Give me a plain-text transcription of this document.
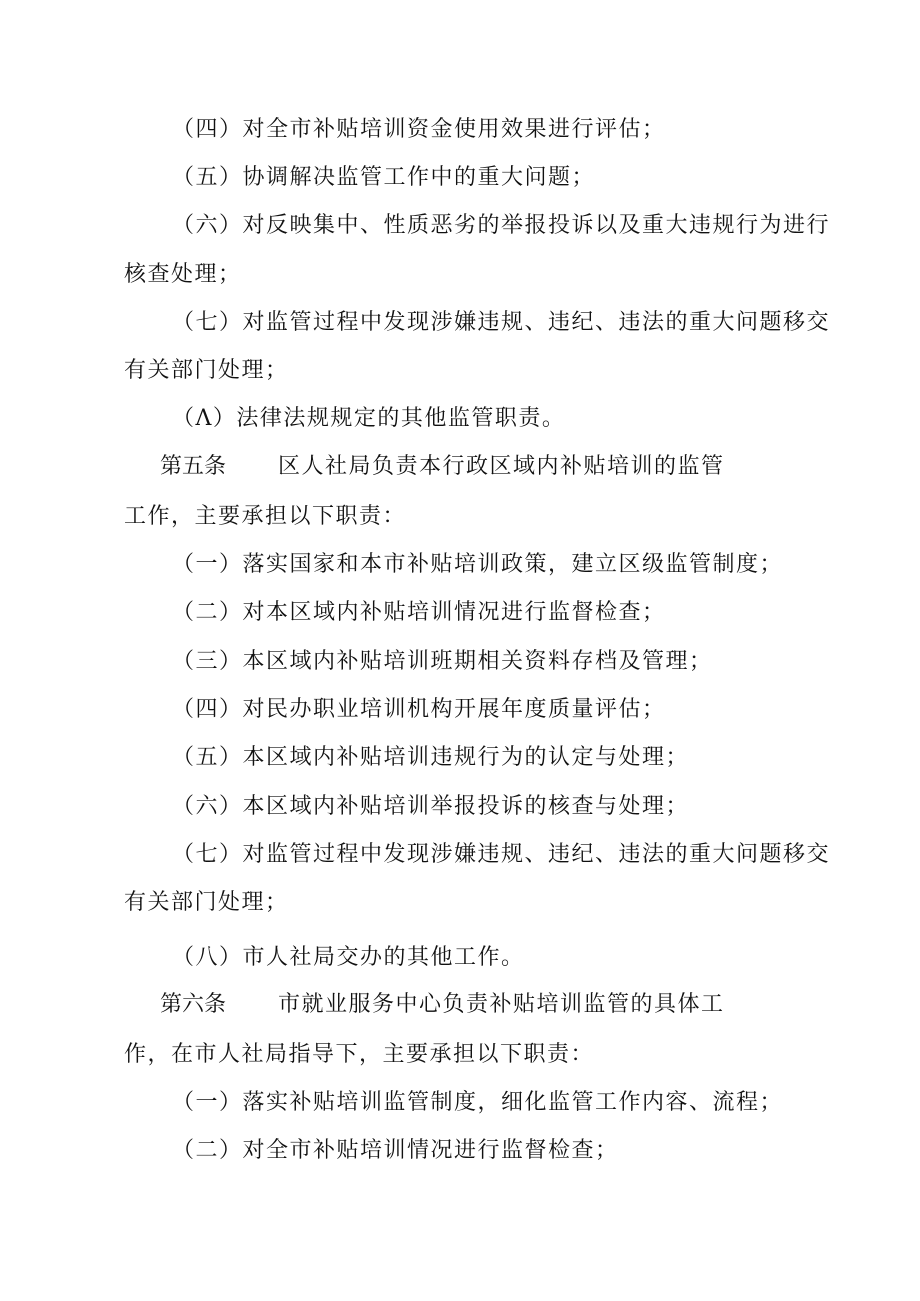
（四）对全市补贴培训资金使用效果进行评估；
（五）协调解决监管工作中的重大问题；
（六）对反映集中、性质恶劣的举报投诉以及重大违规行为进行
核查处理；
（七）对监管过程中发现涉嫌违规、违纪、违法的重大问题移交
有关部门处理；
（Λ）法律法规规定的其他监管职责。
第五条 区人社局负责本行政区域内补贴培训的监管
工作，主要承担以下职责：
（一）落实国家和本市补贴培训政策，建立区级监管制度；
（二）对本区域内补贴培训情况进行监督检查；
（三）本区域内补贴培训班期相关资料存档及管理；
（四）对民办职业培训机构开展年度质量评估；
（五）本区域内补贴培训违规行为的认定与处理；
（六）本区域内补贴培训举报投诉的核查与处理；
（七）对监管过程中发现涉嫌违规、违纪、违法的重大问题移交
有关部门处理；
（八）市人社局交办的其他工作。
第六条 市就业服务中心负责补贴培训监管的具体工
作，在市人社局指导下，主要承担以下职责：
（一）落实补贴培训监管制度，细化监管工作内容、流程；
（二）对全市补贴培训情况进行监督检查；
